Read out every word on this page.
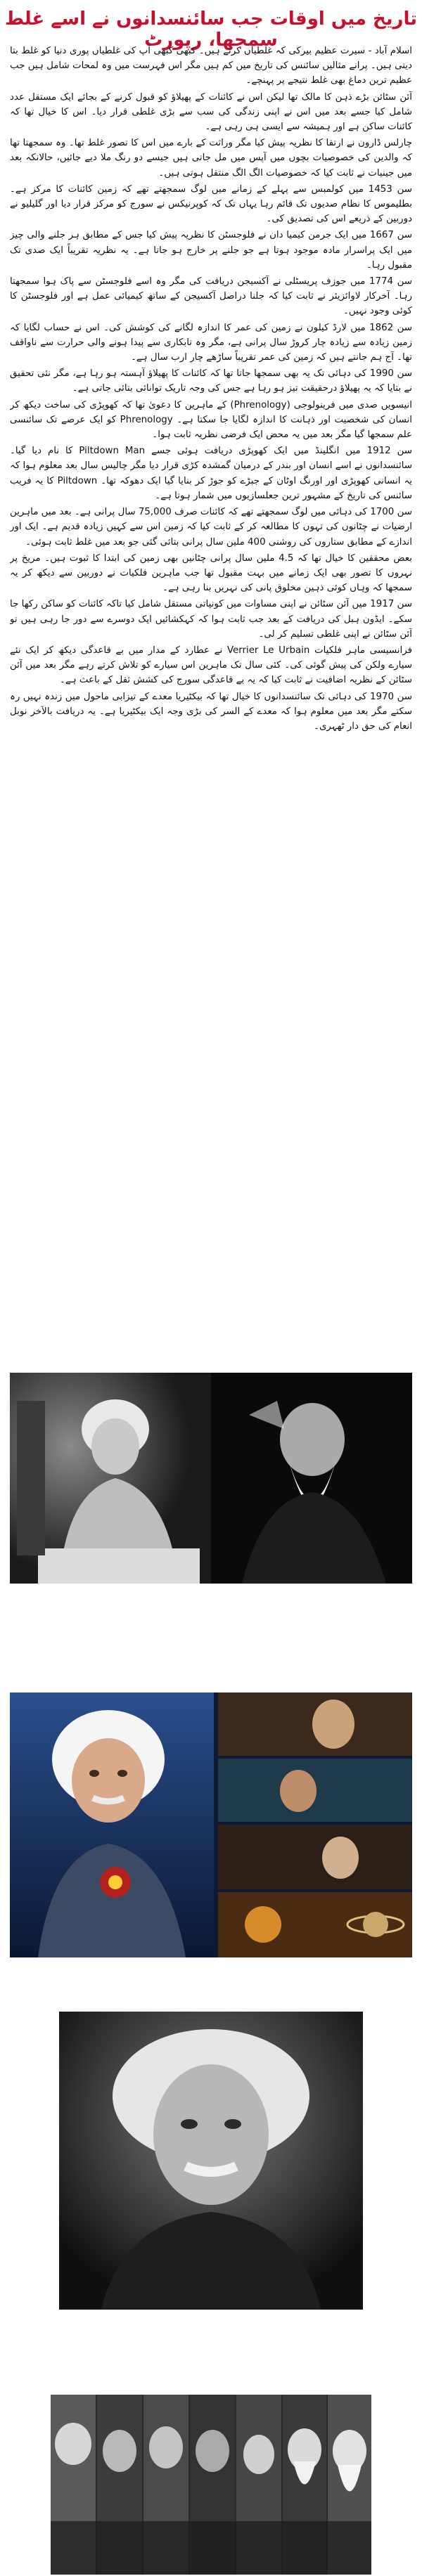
تاریخ میں اوقات جب سائنسدانوں نے اسے غلط سمجھا، رپورٹ

اسلام آباد - سیرت عظیم بیرکی کہ غلطیاں کرتے ہیں۔ کبھی کبھی آپ کی غلطیاں پوری دنیا کو غلط بتا دیتی ہیں۔ پرانے مثالیں سائنس کی تاریخ میں کم ہیں مگر اس فہرست میں وہ لمحات شامل ہیں جب عظیم ترین دماغ بھی غلط نتیجے پر پہنچے۔

آئن سٹائن بڑے ذہن کا مالک تھا لیکن اس نے کائنات کے پھیلاؤ کو قبول کرنے کے بجائے ایک مستقل عدد شامل کیا جسے بعد میں اس نے اپنی زندگی کی سب سے بڑی غلطی قرار دیا۔ اس کا خیال تھا کہ کائنات ساکن ہے اور ہمیشہ سے ایسی ہی رہی ہے۔

چارلس ڈارون نے ارتقا کا نظریہ پیش کیا مگر وراثت کے بارے میں اس کا تصور غلط تھا۔ وہ سمجھتا تھا کہ والدین کی خصوصیات بچوں میں آپس میں مل جاتی ہیں جیسے دو رنگ ملا دیے جائیں، حالانکہ بعد میں جینیات نے ثابت کیا کہ خصوصیات الگ الگ منتقل ہوتی ہیں۔

سن 1453 میں کولمبس سے پہلے کے زمانے میں لوگ سمجھتے تھے کہ زمین کائنات کا مرکز ہے۔ بطلیموس کا نظام صدیوں تک قائم رہا یہاں تک کہ کوپرنیکس نے سورج کو مرکز قرار دیا اور گلیلیو نے دوربین کے ذریعے اس کی تصدیق کی۔

سن 1667 میں ایک جرمن کیمیا دان نے فلوجسٹن کا نظریہ پیش کیا جس کے مطابق ہر جلنے والی چیز میں ایک پراسرار مادہ موجود ہوتا ہے جو جلنے پر خارج ہو جاتا ہے۔ یہ نظریہ تقریباً ایک صدی تک مقبول رہا۔

سن 1774 میں جوزف پریسٹلی نے آکسیجن دریافت کی مگر وہ اسے فلوجسٹن سے پاک ہوا سمجھتا رہا۔ آخرکار لاوائزیئر نے ثابت کیا کہ جلنا دراصل آکسیجن کے ساتھ کیمیائی عمل ہے اور فلوجسٹن کا کوئی وجود نہیں۔

سن 1862 میں لارڈ کیلون نے زمین کی عمر کا اندازہ لگانے کی کوشش کی۔ اس نے حساب لگایا کہ زمین زیادہ سے زیادہ چار کروڑ سال پرانی ہے، مگر وہ تابکاری سے پیدا ہونے والی حرارت سے ناواقف تھا۔ آج ہم جانتے ہیں کہ زمین کی عمر تقریباً ساڑھے چار ارب سال ہے۔

سن 1990 کی دہائی تک یہ بھی سمجھا جاتا تھا کہ کائنات کا پھیلاؤ آہستہ ہو رہا ہے، مگر نئی تحقیق نے بتایا کہ یہ پھیلاؤ درحقیقت تیز ہو رہا ہے جس کی وجہ تاریک توانائی بتائی جاتی ہے۔

انیسویں صدی میں فرینولوجی (Phrenology) کے ماہرین کا دعویٰ تھا کہ کھوپڑی کی ساخت دیکھ کر انسان کی شخصیت اور ذہانت کا اندازہ لگایا جا سکتا ہے۔ Phrenology کو ایک عرصے تک سائنسی علم سمجھا گیا مگر بعد میں یہ محض ایک فرضی نظریہ ثابت ہوا۔

سن 1912 میں انگلینڈ میں ایک کھوپڑی دریافت ہوئی جسے Piltdown Man کا نام دیا گیا۔ سائنسدانوں نے اسے انسان اور بندر کے درمیان گمشدہ کڑی قرار دیا مگر چالیس سال بعد معلوم ہوا کہ یہ انسانی کھوپڑی اور اورنگ اوٹان کے جبڑے کو جوڑ کر بنایا گیا ایک دھوکہ تھا۔ Piltdown کا یہ فریب سائنس کی تاریخ کے مشہور ترین جعلسازیوں میں شمار ہوتا ہے۔

سن 1700 کی دہائی میں لوگ سمجھتے تھے کہ کائنات صرف 75,000 سال پرانی ہے۔ بعد میں ماہرین ارضیات نے چٹانوں کی تہوں کا مطالعہ کر کے ثابت کیا کہ زمین اس سے کہیں زیادہ قدیم ہے۔ ایک اور اندازے کے مطابق ستاروں کی روشنی 400 ملین سال پرانی بتائی گئی جو بعد میں غلط ثابت ہوئی۔

بعض محققین کا خیال تھا کہ 4.5 ملین سال پرانی چٹانیں بھی زمین کی ابتدا کا ثبوت ہیں۔ مریخ پر نہروں کا تصور بھی ایک زمانے میں بہت مقبول تھا جب ماہرین فلکیات نے دوربین سے دیکھ کر یہ سمجھا کہ وہاں کوئی ذہین مخلوق پانی کی نہریں بنا رہی ہے۔

سن 1917 میں آئن سٹائن نے اپنی مساوات میں کونیاتی مستقل شامل کیا تاکہ کائنات کو ساکن رکھا جا سکے۔ ایڈون ہبل کی دریافت کے بعد جب ثابت ہوا کہ کہکشائیں ایک دوسرے سے دور جا رہی ہیں تو آئن سٹائن نے اپنی غلطی تسلیم کر لی۔

فرانسیسی ماہر فلکیات Verrier Le Urbain نے عطارد کے مدار میں بے قاعدگی دیکھ کر ایک نئے سیارے ولکن کی پیش گوئی کی۔ کئی سال تک ماہرین اس سیارے کو تلاش کرتے رہے مگر بعد میں آئن سٹائن کے نظریہ اضافیت نے ثابت کیا کہ یہ بے قاعدگی سورج کی کشش ثقل کے باعث ہے۔

سن 1970 کی دہائی تک سائنسدانوں کا خیال تھا کہ بیکٹیریا معدے کے تیزابی ماحول میں زندہ نہیں رہ سکتے مگر بعد میں معلوم ہوا کہ معدے کے السر کی بڑی وجہ ایک بیکٹیریا ہے۔ یہ دریافت بالآخر نوبل انعام کی حق دار ٹھہری۔
